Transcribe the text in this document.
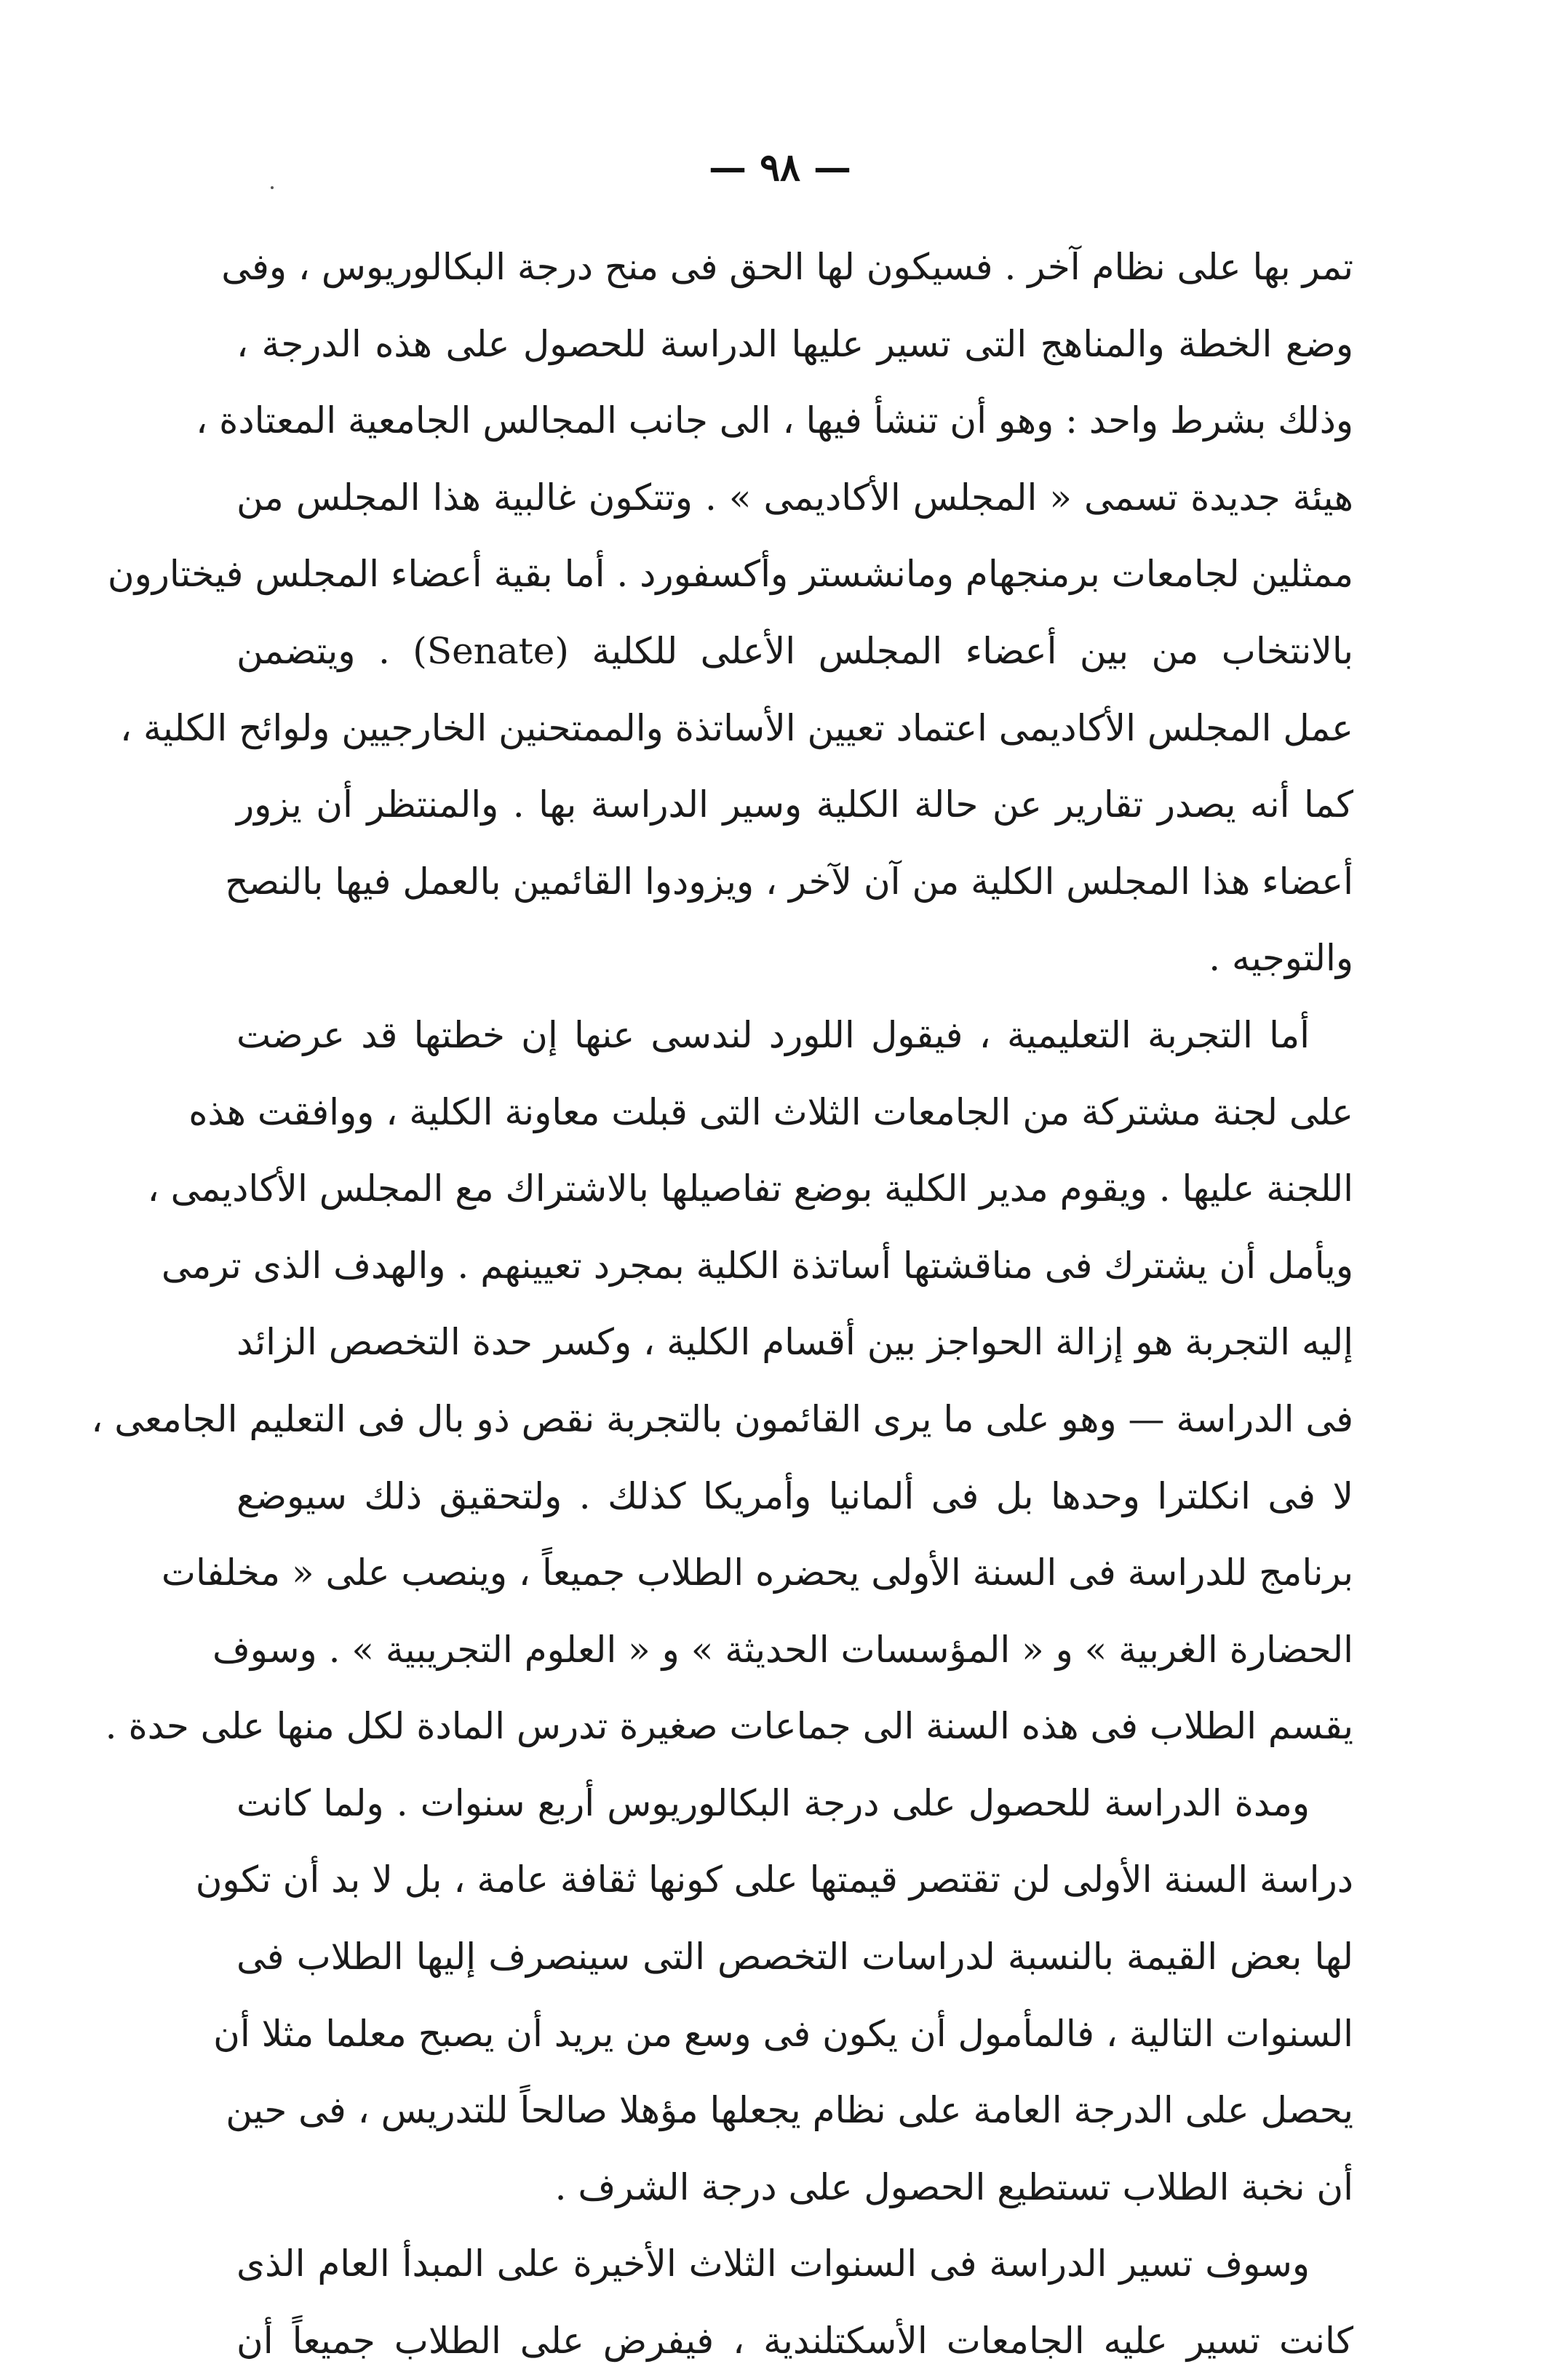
— ٩٨ —
تمر بها على نظام آخر . فسيكون لها الحق فى منح درجة البكالوريوس ، وفى
وضع الخطة والمناهج التى تسير عليها الدراسة للحصول على هذه الدرجة ،
وذلك بشرط واحد : وهو أن تنشأ فيها ، الى جانب المجالس الجامعية المعتادة ،
هيئة جديدة تسمى « المجلس الأكاديمى » . وتتكون غالبية هذا المجلس من
ممثلين لجامعات برمنجهام ومانشستر وأكسفورد . أما بقية أعضاء المجلس فيختارون
بالانتخاب من بين أعضاء المجلس الأعلى للكلية (Senate) . ويتضمن
عمل المجلس الأكاديمى اعتماد تعيين الأساتذة والممتحنين الخارجيين ولوائح الكلية ،
كما أنه يصدر تقارير عن حالة الكلية وسير الدراسة بها . والمنتظر أن يزور
أعضاء هذا المجلس الكلية من آن لآخر ، ويزودوا القائمين بالعمل فيها بالنصح
والتوجيه .
أما التجربة التعليمية ، فيقول اللورد لندسى عنها إن خطتها قد عرضت
على لجنة مشتركة من الجامعات الثلاث التى قبلت معاونة الكلية ، ووافقت هذه
اللجنة عليها . ويقوم مدير الكلية بوضع تفاصيلها بالاشتراك مع المجلس الأكاديمى ،
ويأمل أن يشترك فى مناقشتها أساتذة الكلية بمجرد تعيينهم . والهدف الذى ترمى
إليه التجربة هو إزالة الحواجز بين أقسام الكلية ، وكسر حدة التخصص الزائد
فى الدراسة — وهو على ما يرى القائمون بالتجربة نقص ذو بال فى التعليم الجامعى ،
لا فى انكلترا وحدها بل فى ألمانيا وأمريكا كذلك . ولتحقيق ذلك سيوضع
برنامج للدراسة فى السنة الأولى يحضره الطلاب جميعاً ، وينصب على « مخلفات
الحضارة الغربية » و « المؤسسات الحديثة » و « العلوم التجريبية » . وسوف
يقسم الطلاب فى هذه السنة الى جماعات صغيرة تدرس المادة لكل منها على حدة .
ومدة الدراسة للحصول على درجة البكالوريوس أربع سنوات . ولما كانت
دراسة السنة الأولى لن تقتصر قيمتها على كونها ثقافة عامة ، بل لا بد أن تكون
لها بعض القيمة بالنسبة لدراسات التخصص التى سينصرف إليها الطلاب فى
السنوات التالية ، فالمأمول أن يكون فى وسع من يريد أن يصبح معلما مثلا أن
يحصل على الدرجة العامة على نظام يجعلها مؤهلا صالحاً للتدريس ، فى حين
أن نخبة الطلاب تستطيع الحصول على درجة الشرف .
وسوف تسير الدراسة فى السنوات الثلاث الأخيرة على المبدأ العام الذى
كانت تسير عليه الجامعات الأسكتلندية ، فيفرض على الطلاب جميعاً أن
